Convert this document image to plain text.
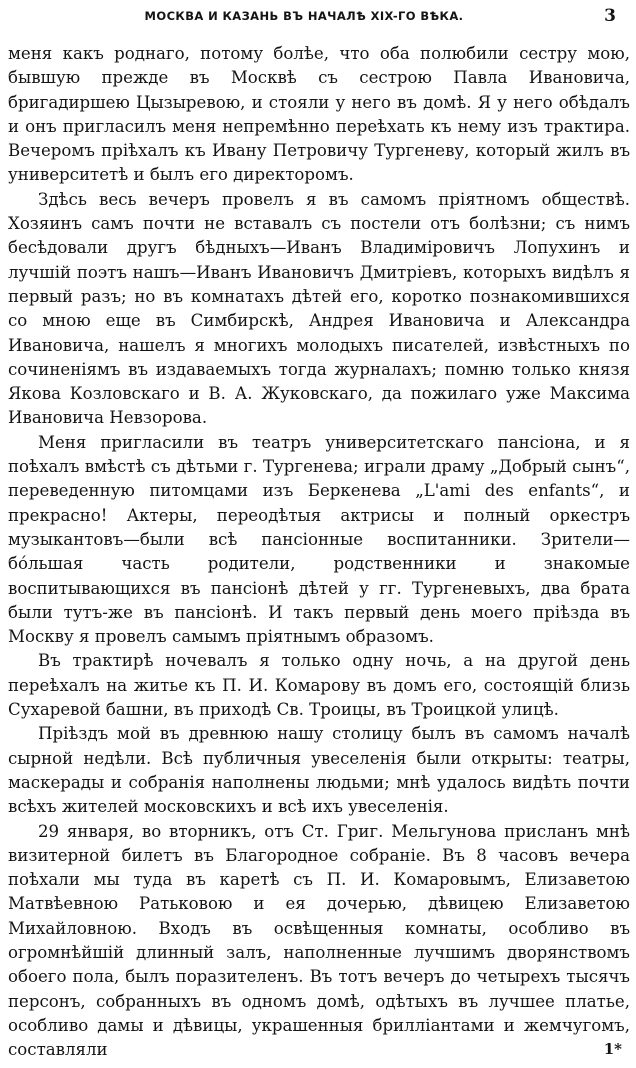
МОСКВА И КАЗАНЬ ВЪ НАЧАЛѢ XIX-ГО ВѢКА.	3

меня какъ роднаго, потому болѣе, что оба полюбили сестру мою, бывшую прежде въ Москвѣ съ сестрою Павла Ивановича, бригадиршею Цызыревою, и стояли у него въ домѣ. Я у него обѣдалъ и онъ пригласилъ меня непремѣнно переѣхать къ нему изъ трактира. Вечеромъ пріѣхалъ къ Ивану Петровичу Тургеневу, который жилъ въ университетѣ и былъ его директоромъ.

Здѣсь весь вечеръ провелъ я въ самомъ пріятномъ обществѣ. Хозяинъ самъ почти не вставалъ съ постели отъ болѣзни; съ нимъ бесѣдовали другъ бѣдныхъ—Иванъ Владиміровичъ Лопухинъ и лучшій поэтъ нашъ—Иванъ Ивановичъ Дмитріевъ, которыхъ видѣлъ я первый разъ; но въ комнатахъ дѣтей его, коротко познакомившихся со мною еще въ Симбирскѣ, Андрея Ивановича и Александра Ивановича, нашелъ я многихъ молодыхъ писателей, извѣстныхъ по сочиненіямъ въ издаваемыхъ тогда журналахъ; помню только князя Якова Козловскаго и В. А. Жуковскаго, да пожилаго уже Максима Ивановича Невзорова.

Меня пригласили въ театръ университетскаго пансіона, и я поѣхалъ вмѣстѣ съ дѣтьми г. Тургенева; играли драму „Добрый сынъ“, переведенную питомцами изъ Беркенева „L'ami des enfants“, и прекрасно! Актеры, переодѣтыя актрисы и полный оркестръ музыкантовъ—были всѣ пансіонные воспитанники. Зрители—бо́льшая часть родители, родственники и знакомые воспитывающихся въ пансіонѣ дѣтей у гг. Тургеневыхъ, два брата были тутъ-же въ пансіонѣ. И такъ первый день моего пріѣзда въ Москву я провелъ самымъ пріятнымъ образомъ.

Въ трактирѣ ночевалъ я только одну ночь, а на другой день переѣхалъ на житье къ П. И. Комарову въ домъ его, состоящій близь Сухаревой башни, въ приходѣ Св. Троицы, въ Троицкой улицѣ.

Пріѣздъ мой въ древнюю нашу столицу былъ въ самомъ началѣ сырной недѣли. Всѣ публичныя увеселенія были открыты: театры, маскерады и собранія наполнены людьми; мнѣ удалось видѣть почти всѣхъ жителей московскихъ и всѣ ихъ увеселенія.

29 января, во вторникъ, отъ Ст. Григ. Мельгунова присланъ мнѣ визитерной билетъ въ Благородное собраніе. Въ 8 часовъ вечера поѣхали мы туда въ каретѣ съ П. И. Комаровымъ, Елизаветою Матвѣевною Ратьковою и ея дочерью, дѣвицею Елизаветою Михайловною. Входъ въ освѣщенныя комнаты, особливо въ огромнѣйшій длинный залъ, наполненные лучшимъ дворянствомъ обоего пола, былъ поразителенъ. Въ тотъ вечеръ до четырехъ тысячъ персонъ, собранныхъ въ одномъ домѣ, одѣтыхъ въ лучшее платье, особливо дамы и дѣвицы, украшенныя брилліантами и жемчугомъ, составляли	1*
